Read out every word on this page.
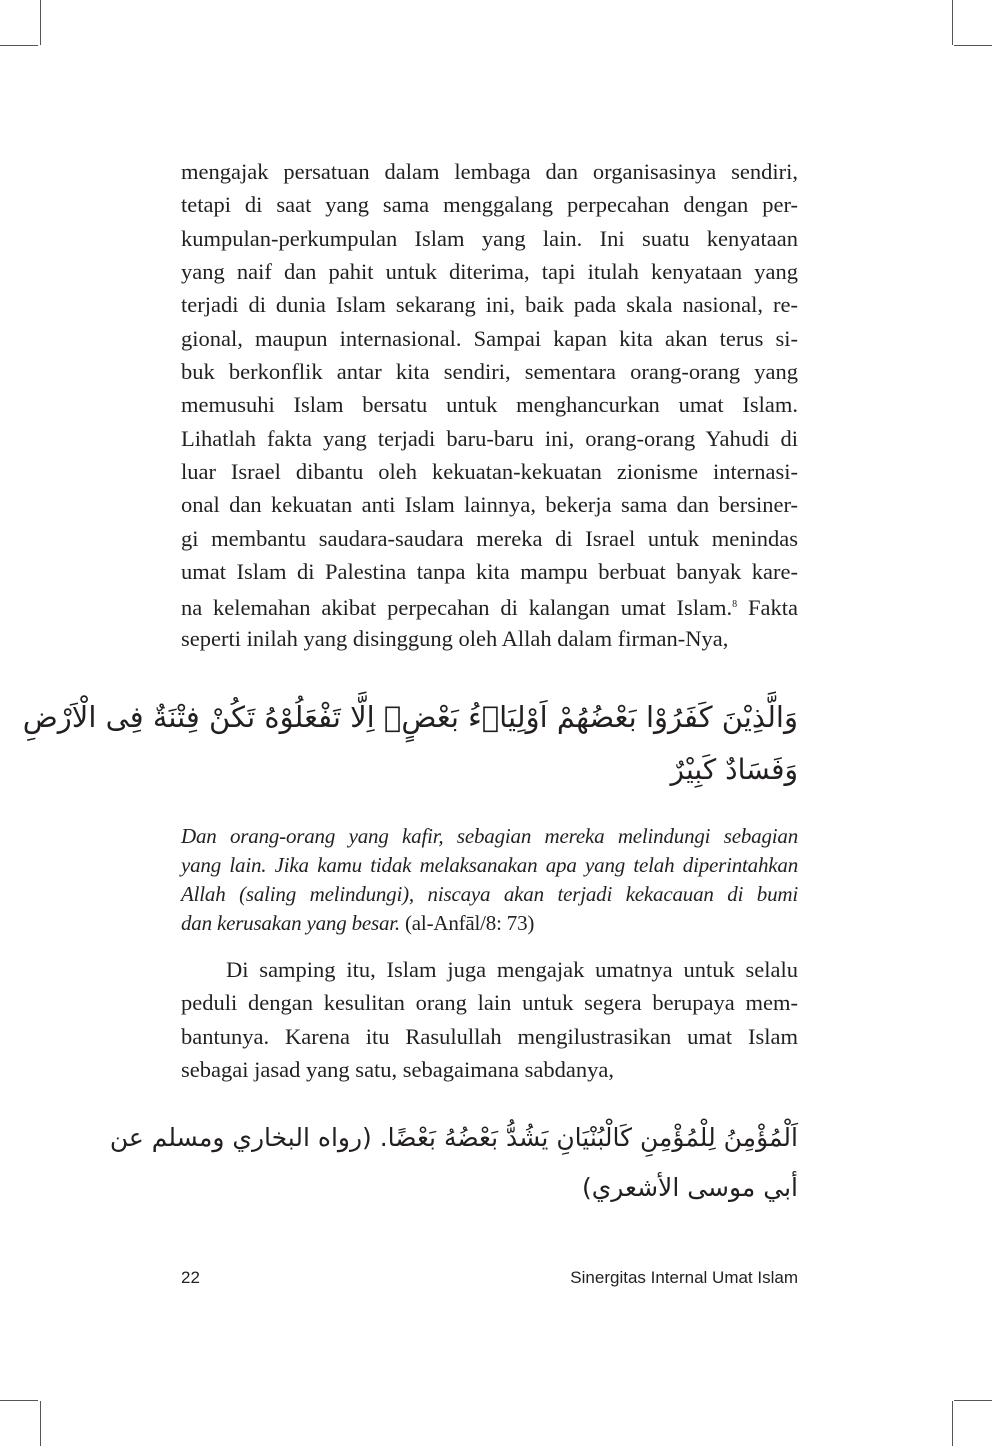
mengajak persatuan dalam lembaga dan organisasinya sendiri,
tetapi di saat yang sama menggalang perpecahan dengan per-
kumpulan-perkumpulan Islam yang lain. Ini suatu kenyataan
yang naif dan pahit untuk diterima, tapi itulah kenyataan yang
terjadi di dunia Islam sekarang ini, baik pada skala nasional, re-
gional, maupun internasional. Sampai kapan kita akan terus si-
buk berkonflik antar kita sendiri, sementara orang-orang yang
memusuhi Islam bersatu untuk menghancurkan umat Islam.
Lihatlah fakta yang terjadi baru-baru ini, orang-orang Yahudi di
luar Israel dibantu oleh kekuatan-kekuatan zionisme internasi-
onal dan kekuatan anti Islam lainnya, bekerja sama dan bersiner-
gi membantu saudara-saudara mereka di Israel untuk menindas
umat Islam di Palestina tanpa kita mampu berbuat banyak kare-
na kelemahan akibat perpecahan di kalangan umat Islam.$^8$ Fakta
seperti inilah yang disinggung oleh Allah dalam firman-Nya,
وَالَّذِيْنَ كَفَرُوْا بَعْضُهُمْ اَوْلِيَاۤءُ بَعْضٍۗ اِلَّا تَفْعَلُوْهُ تَكُنْ فِتْنَةٌ فِى الْاَرْضِ
وَفَسَادٌ كَبِيْرٌ
Dan orang-orang yang kafir, sebagian mereka melindungi sebagian
yang lain. Jika kamu tidak melaksanakan apa yang telah diperintahkan
Allah (saling melindungi), niscaya akan terjadi kekacauan di bumi
dan kerusakan yang besar. (al-Anfāl/8: 73)
Di samping itu, Islam juga mengajak umatnya untuk selalu
peduli dengan kesulitan orang lain untuk segera berupaya mem-
bantunya. Karena itu Rasulullah mengilustrasikan umat Islam
sebagai jasad yang satu, sebagaimana sabdanya,
اَلْمُؤْمِنُ لِلْمُؤْمِنِ كَالْبُنْيَانِ يَشُدُّ بَعْضُهُ بَعْضًا. (رواه البخاري ومسلم عن
أبي موسى الأشعري)
22	Sinergitas Internal Umat Islam
